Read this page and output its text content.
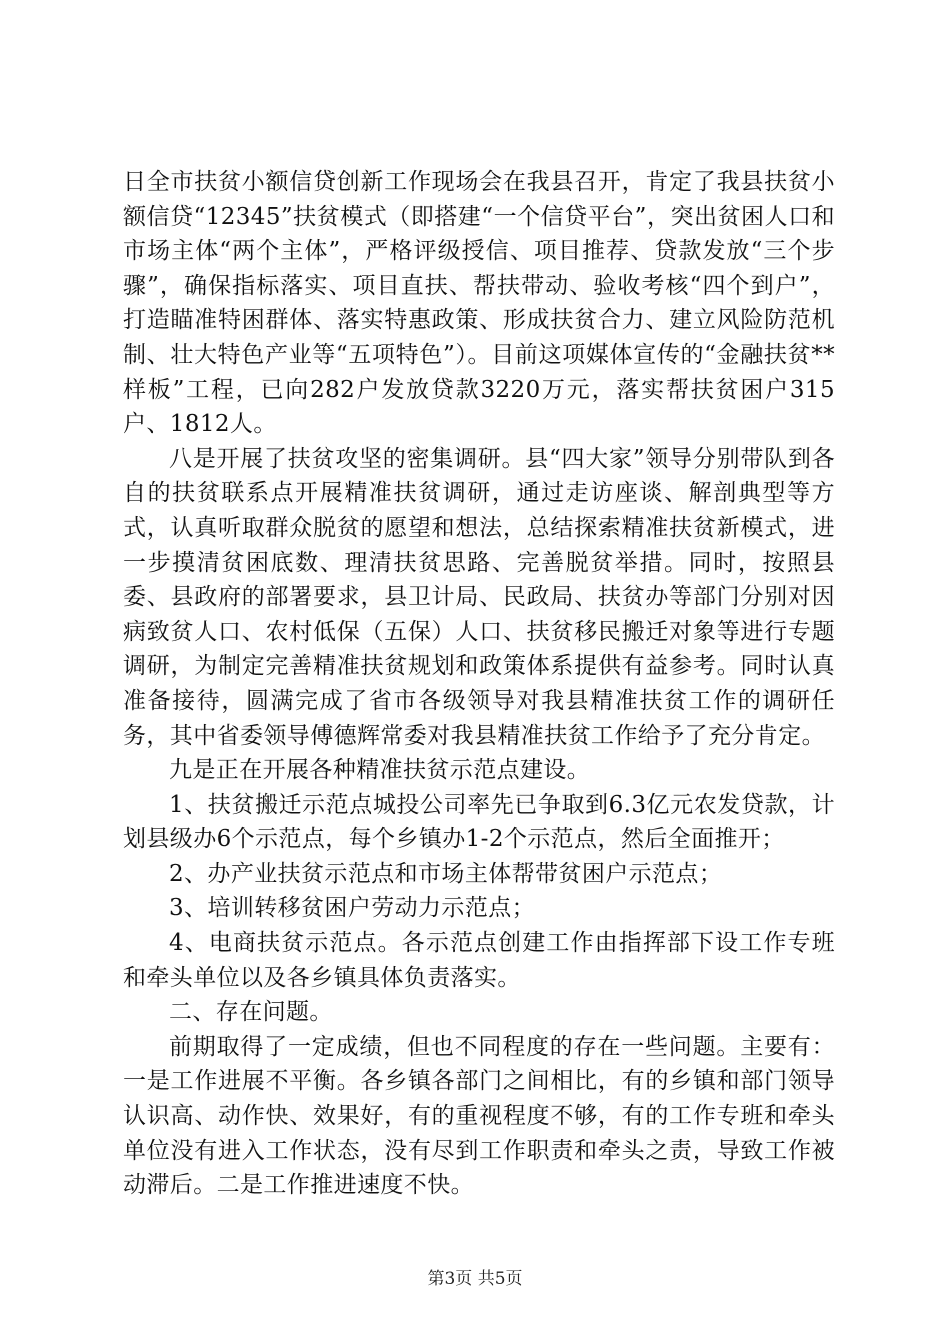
日全市扶贫小额信贷创新工作现场会在我县召开，肯定了我县扶贫小额信贷“12345”扶贫模式（即搭建“一个信贷平台”，突出贫困人口和市场主体“两个主体”，严格评级授信、项目推荐、贷款发放“三个步骤”，确保指标落实、项目直扶、帮扶带动、验收考核“四个到户”，打造瞄准特困群体、落实特惠政策、形成扶贫合力、建立风险防范机制、壮大特色产业等“五项特色”）。目前这项媒体宣传的“金融扶贫**样板”工程，已向282户发放贷款3220万元，落实帮扶贫困户315户、1812人。

八是开展了扶贫攻坚的密集调研。县“四大家”领导分别带队到各自的扶贫联系点开展精准扶贫调研，通过走访座谈、解剖典型等方式，认真听取群众脱贫的愿望和想法，总结探索精准扶贫新模式，进一步摸清贫困底数、理清扶贫思路、完善脱贫举措。同时，按照县委、县政府的部署要求，县卫计局、民政局、扶贫办等部门分别对因病致贫人口、农村低保（五保）人口、扶贫移民搬迁对象等进行专题调研，为制定完善精准扶贫规划和政策体系提供有益参考。同时认真准备接待，圆满完成了省市各级领导对我县精准扶贫工作的调研任务，其中省委领导傅德辉常委对我县精准扶贫工作给予了充分肯定。

九是正在开展各种精准扶贫示范点建设。

1、扶贫搬迁示范点城投公司率先已争取到6.3亿元农发贷款，计划县级办6个示范点，每个乡镇办1-2个示范点，然后全面推开；

2、办产业扶贫示范点和市场主体帮带贫困户示范点；

3、培训转移贫困户劳动力示范点；

4、电商扶贫示范点。各示范点创建工作由指挥部下设工作专班和牵头单位以及各乡镇具体负责落实。

二、存在问题。

前期取得了一定成绩，但也不同程度的存在一些问题。主要有：一是工作进展不平衡。各乡镇各部门之间相比，有的乡镇和部门领导认识高、动作快、效果好，有的重视程度不够，有的工作专班和牵头单位没有进入工作状态，没有尽到工作职责和牵头之责，导致工作被动滞后。二是工作推进速度不快。

第3页 共5页
